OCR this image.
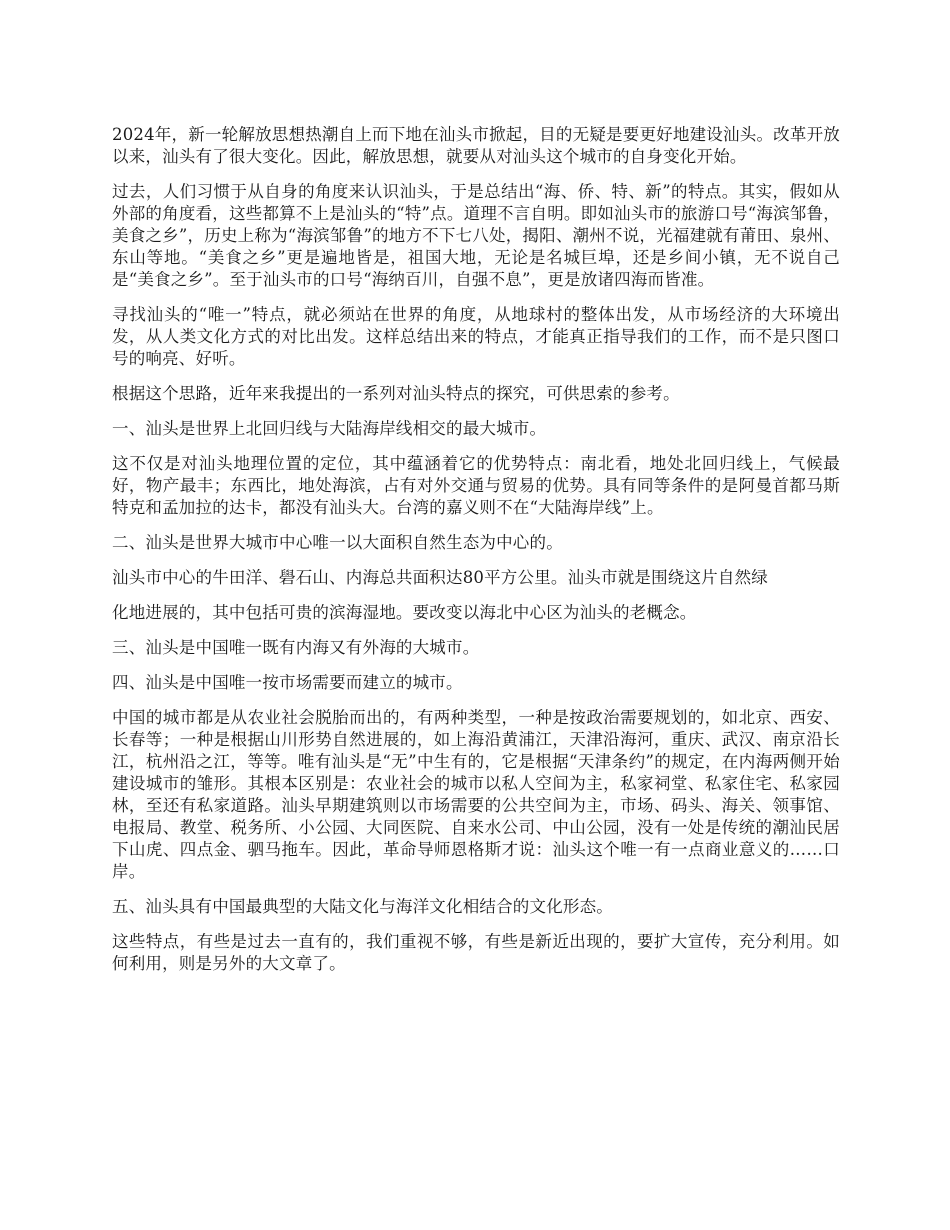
2024年，新一轮解放思想热潮自上而下地在汕头市掀起，目的无疑是要更好地建设汕头。改革开放以来，汕头有了很大变化。因此，解放思想，就要从对汕头这个城市的自身变化开始。

过去，人们习惯于从自身的角度来认识汕头，于是总结出“海、侨、特、新”的特点。其实，假如从外部的角度看，这些都算不上是汕头的“特”点。道理不言自明。即如汕头市的旅游口号“海滨邹鲁，美食之乡”，历史上称为“海滨邹鲁”的地方不下七八处，揭阳、潮州不说，光福建就有莆田、泉州、东山等地。“美食之乡”更是遍地皆是，祖国大地，无论是名城巨埠，还是乡间小镇，无不说自己是“美食之乡”。至于汕头市的口号“海纳百川，自强不息”，更是放诸四海而皆准。

寻找汕头的“唯一”特点，就必须站在世界的角度，从地球村的整体出发，从市场经济的大环境出发，从人类文化方式的对比出发。这样总结出来的特点，才能真正指导我们的工作，而不是只图口号的响亮、好听。

根据这个思路，近年来我提出的一系列对汕头特点的探究，可供思索的参考。

一、汕头是世界上北回归线与大陆海岸线相交的最大城市。

这不仅是对汕头地理位置的定位，其中蕴涵着它的优势特点：南北看，地处北回归线上，气候最好，物产最丰；东西比，地处海滨，占有对外交通与贸易的优势。具有同等条件的是阿曼首都马斯特克和孟加拉的达卡，都没有汕头大。台湾的嘉义则不在“大陆海岸线”上。

二、汕头是世界大城市中心唯一以大面积自然生态为中心的。

汕头市中心的牛田洋、礐石山、内海总共面积达80平方公里。汕头市就是围绕这片自然绿

化地进展的，其中包括可贵的滨海湿地。要改变以海北中心区为汕头的老概念。

三、汕头是中国唯一既有内海又有外海的大城市。

四、汕头是中国唯一按市场需要而建立的城市。

中国的城市都是从农业社会脱胎而出的，有两种类型，一种是按政治需要规划的，如北京、西安、长春等；一种是根据山川形势自然进展的，如上海沿黄浦江，天津沿海河，重庆、武汉、南京沿长江，杭州沿之江，等等。唯有汕头是“无”中生有的，它是根据“天津条约”的规定，在内海两侧开始建设城市的雏形。其根本区别是：农业社会的城市以私人空间为主，私家祠堂、私家住宅、私家园林，至还有私家道路。汕头早期建筑则以市场需要的公共空间为主，市场、码头、海关、领事馆、电报局、教堂、税务所、小公园、大同医院、自来水公司、中山公园，没有一处是传统的潮汕民居下山虎、四点金、驷马拖车。因此，革命导师恩格斯才说：汕头这个唯一有一点商业意义的……口岸。

五、汕头具有中国最典型的大陆文化与海洋文化相结合的文化形态。

这些特点，有些是过去一直有的，我们重视不够，有些是新近出现的，要扩大宣传，充分利用。如何利用，则是另外的大文章了。
